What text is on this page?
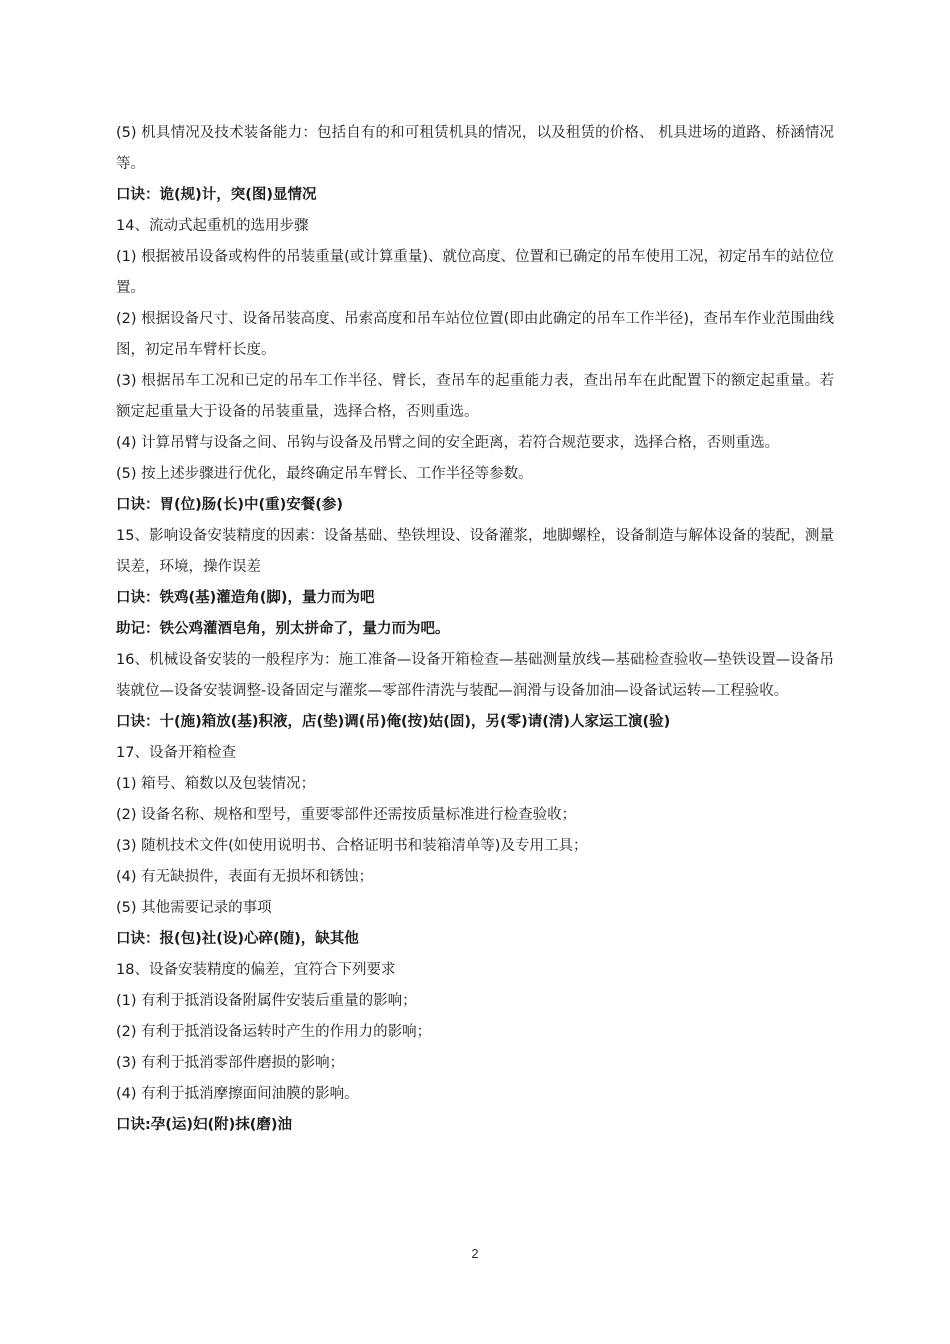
(5) 机具情况及技术装备能力：包括自有的和可租赁机具的情况，以及租赁的价格、 机具进场的道路、桥涵情况等。

口诀：诡(规)计，突(图)显情况

14、流动式起重机的选用步骤

(1) 根据被吊设备或构件的吊装重量(或计算重量)、就位高度、位置和已确定的吊车使用工况，初定吊车的站位位置。

(2) 根据设备尺寸、设备吊装高度、吊索高度和吊车站位位置(即由此确定的吊车工作半径)，查吊车作业范围曲线图，初定吊车臂杆长度。

(3) 根据吊车工况和已定的吊车工作半径、臂长，查吊车的起重能力表，查出吊车在此配置下的额定起重量。若额定起重量大于设备的吊装重量，选择合格，否则重选。

(4) 计算吊臂与设备之间、吊钩与设备及吊臂之间的安全距离，若符合规范要求，选择合格，否则重选。

(5) 按上述步骤进行优化，最终确定吊车臂长、工作半径等参数。

口诀：胃(位)肠(长)中(重)安餐(参)

15、影响设备安装精度的因素：设备基础、垫铁埋设、设备灌浆，地脚螺栓，设备制造与解体设备的装配，测量误差，环境，操作误差

口诀：铁鸡(基)灌造角(脚)，量力而为吧

助记：铁公鸡灌酒皂角，别太拼命了，量力而为吧。

16、机械设备安装的一般程序为：施工准备—设备开箱检查—基础测量放线—基础检查验收—垫铁设置—设备吊装就位—设备安装调整-设备固定与灌浆—零部件清洗与装配—润滑与设备加油—设备试运转—工程验收。

口诀：十(施)箱放(基)积液，店(垫)调(吊)俺(按)姑(固)，另(零)请(清)人家运工演(验)

17、设备开箱检查

(1) 箱号、箱数以及包装情况；

(2) 设备名称、规格和型号，重要零部件还需按质量标准进行检查验收；

(3) 随机技术文件(如使用说明书、合格证明书和装箱清单等)及专用工具；

(4) 有无缺损件，表面有无损坏和锈蚀；

(5) 其他需要记录的事项

口诀：报(包)社(设)心碎(随)，缺其他

18、设备安装精度的偏差，宜符合下列要求

(1) 有利于抵消设备附属件安装后重量的影响；

(2) 有利于抵消设备运转时产生的作用力的影响；

(3) 有利于抵消零部件磨损的影响；

(4) 有利于抵消摩擦面间油膜的影响。

口诀:孕(运)妇(附)抹(磨)油

2
